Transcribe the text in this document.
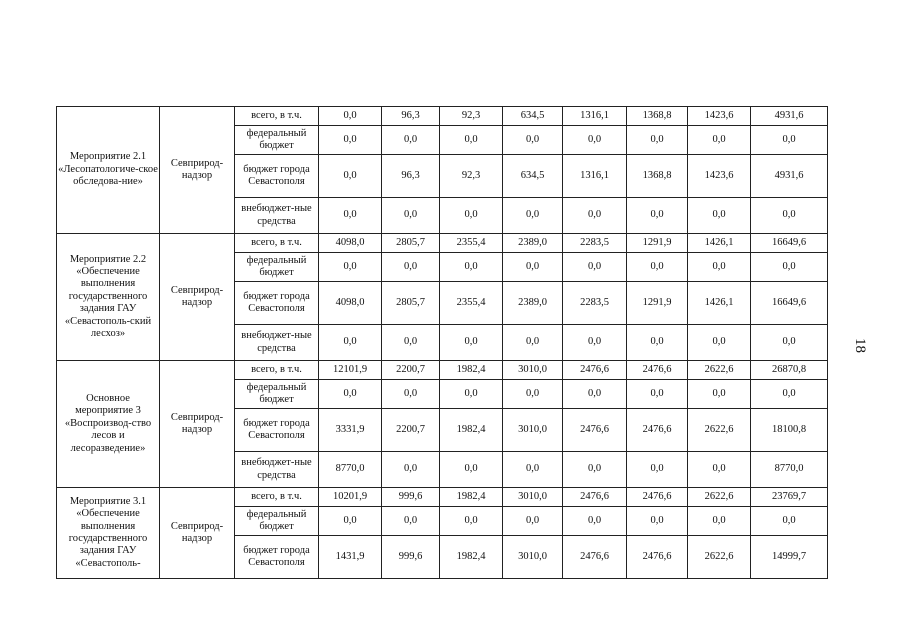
18
Мероприятие 2.1 «Лесопатологиче-ское обследова-ние»	Севприрод-надзор	всего, в т.ч.	0,0	96,3	92,3	634,5	1316,1	1368,8	1423,6	4931,6
		федеральный бюджет	0,0	0,0	0,0	0,0	0,0	0,0	0,0	0,0
		бюджет города Севастополя	0,0	96,3	92,3	634,5	1316,1	1368,8	1423,6	4931,6
		внебюджет-ные средства	0,0	0,0	0,0	0,0	0,0	0,0	0,0	0,0
Мероприятие 2.2 «Обеспечение выполнения государственного задания ГАУ «Севастополь-ский лесхоз»	Севприрод-надзор	всего, в т.ч.	4098,0	2805,7	2355,4	2389,0	2283,5	1291,9	1426,1	16649,6
		федеральный бюджет	0,0	0,0	0,0	0,0	0,0	0,0	0,0	0,0
		бюджет города Севастополя	4098,0	2805,7	2355,4	2389,0	2283,5	1291,9	1426,1	16649,6
		внебюджет-ные средства	0,0	0,0	0,0	0,0	0,0	0,0	0,0	0,0
Основное мероприятие 3 «Воспроизвод-ство лесов и лесоразведение»	Севприрод-надзор	всего, в т.ч.	12101,9	2200,7	1982,4	3010,0	2476,6	2476,6	2622,6	26870,8
		федеральный бюджет	0,0	0,0	0,0	0,0	0,0	0,0	0,0	0,0
		бюджет города Севастополя	3331,9	2200,7	1982,4	3010,0	2476,6	2476,6	2622,6	18100,8
		внебюджет-ные средства	8770,0	0,0	0,0	0,0	0,0	0,0	0,0	8770,0
Мероприятие 3.1 «Обеспечение выполнения государственного задания ГАУ «Севастополь-	Севприрод-надзор	всего, в т.ч.	10201,9	999,6	1982,4	3010,0	2476,6	2476,6	2622,6	23769,7
		федеральный бюджет	0,0	0,0	0,0	0,0	0,0	0,0	0,0	0,0
		бюджет города Севастополя	1431,9	999,6	1982,4	3010,0	2476,6	2476,6	2622,6	14999,7
